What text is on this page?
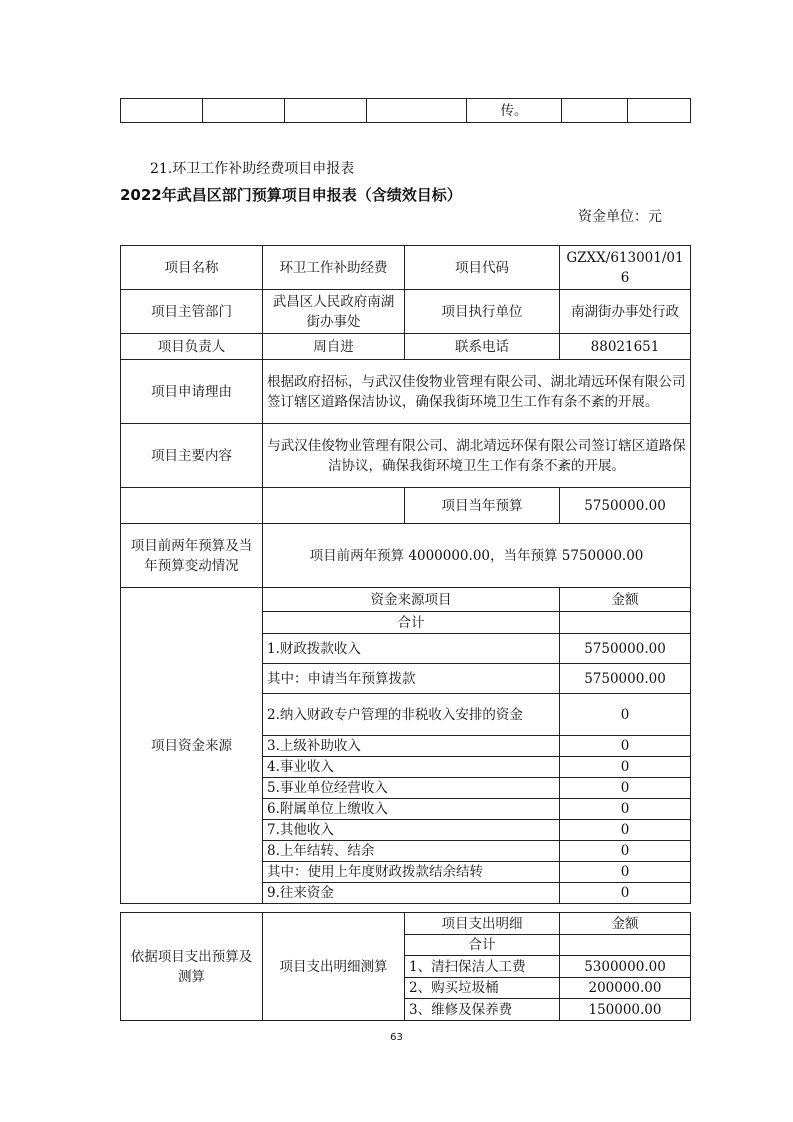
				传。		
21.环卫工作补助经费项目申报表
2022年武昌区部门预算项目申报表（含绩效目标）
资金单位：元
项目名称	环卫工作补助经费	项目代码	GZXX/613001/016
项目主管部门	武昌区人民政府南湖街办事处	项目执行单位	南湖街办事处行政
项目负责人	周自进	联系电话	88021651
项目申请理由	根据政府招标，与武汉佳俊物业管理有限公司、湖北靖远环保有限公司签订辖区道路保洁协议，确保我街环境卫生工作有条不紊的开展。		
项目主要内容	与武汉佳俊物业管理有限公司、湖北靖远环保有限公司签订辖区道路保洁协议，确保我街环境卫生工作有条不紊的开展。		
		项目当年预算	5750000.00
项目前两年预算及当年预算变动情况	项目前两年预算 4000000.00，当年预算 5750000.00		
项目资金来源	资金来源项目	金额
	合计	
	1.财政拨款收入	5750000.00
	其中：申请当年预算拨款	5750000.00
	2.纳入财政专户管理的非税收入安排的资金	0
	3.上级补助收入	0
	4.事业收入	0
	5.事业单位经营收入	0
	6.附属单位上缴收入	0
	7.其他收入	0
	8.上年结转、结余	0
	其中：使用上年度财政拨款结余结转	0
	9.往来资金	0
依据项目支出预算及测算	项目支出明细测算	项目支出明细	金额
		合计	
		1、清扫保洁人工费	5300000.00
		2、购买垃圾桶	200000.00
		3、维修及保养费	150000.00
63
